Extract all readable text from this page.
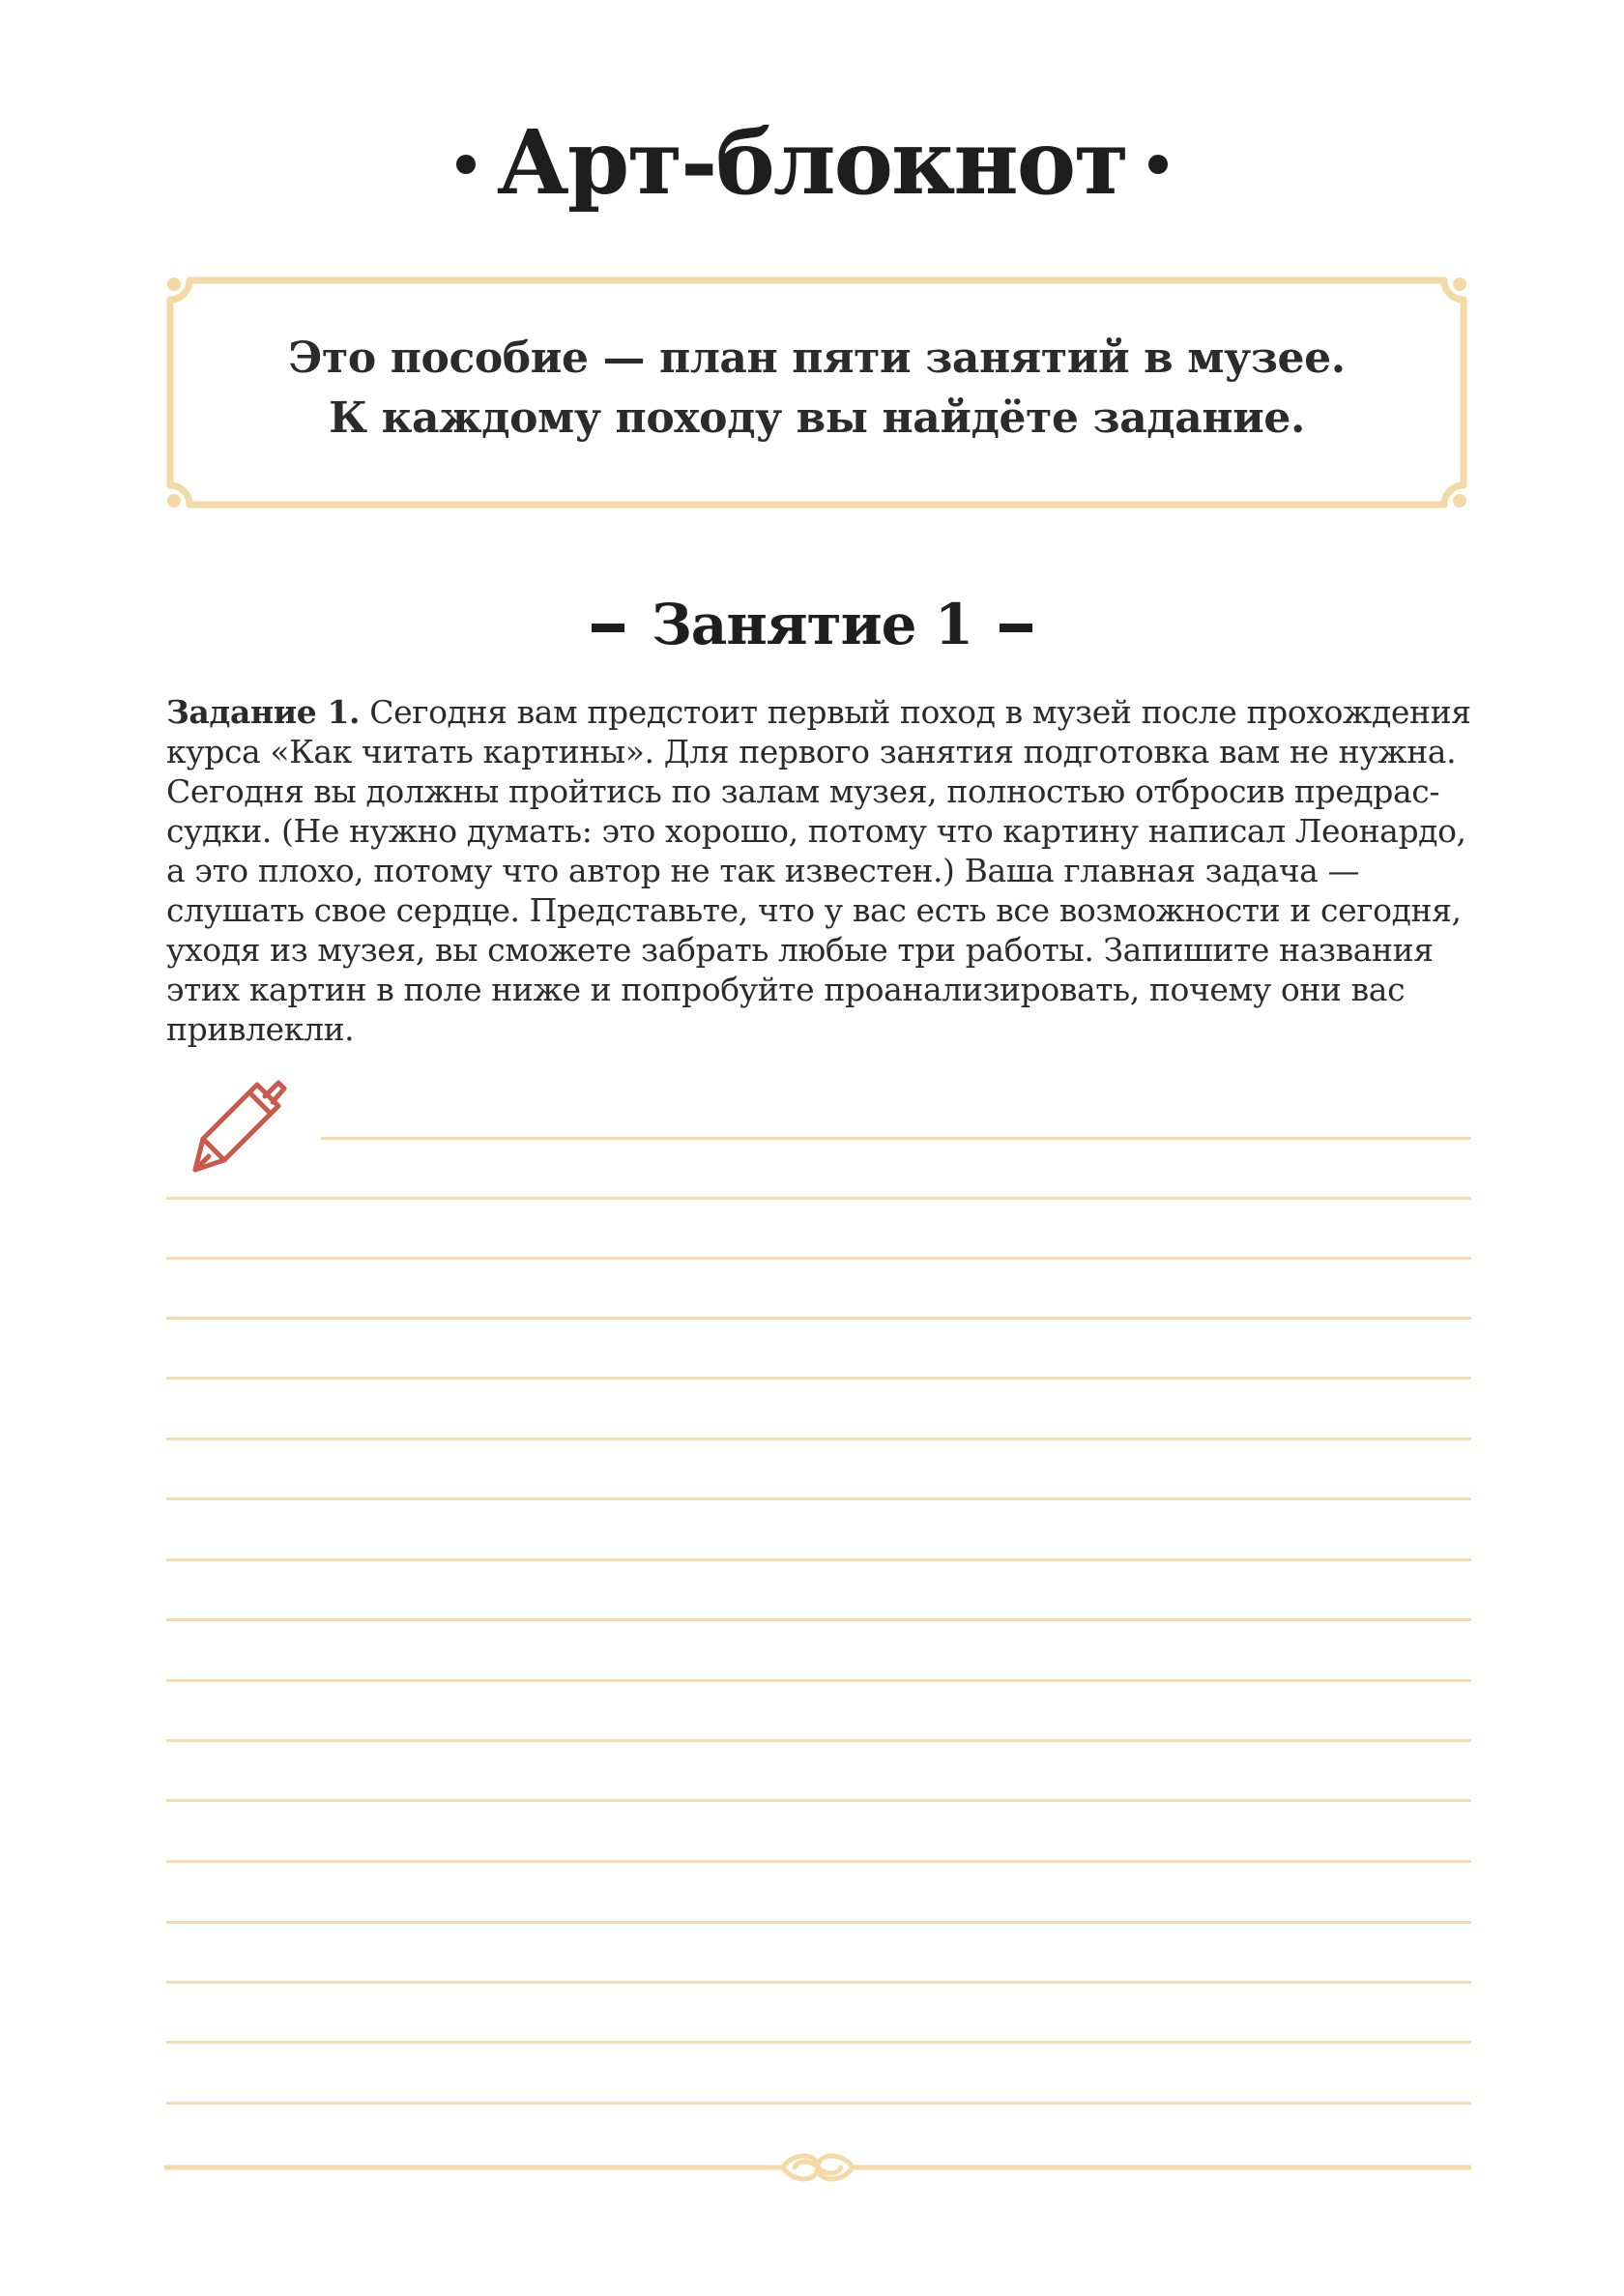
Арт-блокнот
Это пособие — план пяти занятий в музее.
К каждому походу вы найдёте задание.
Занятие 1
Задание 1. Сегодня вам предстоит первый поход в музей после прохождения
курса «Как читать картины». Для первого занятия подготовка вам не нужна.
Сегодня вы должны пройтись по залам музея, полностью отбросив предрас-
судки. (Не нужно думать: это хорошо, потому что картину написал Леонардо,
а это плохо, потому что автор не так известен.) Ваша главная задача —
слушать свое сердце. Представьте, что у вас есть все возможности и сегодня,
уходя из музея, вы сможете забрать любые три работы. Запишите названия
этих картин в поле ниже и попробуйте проанализировать, почему они вас
привлекли.
